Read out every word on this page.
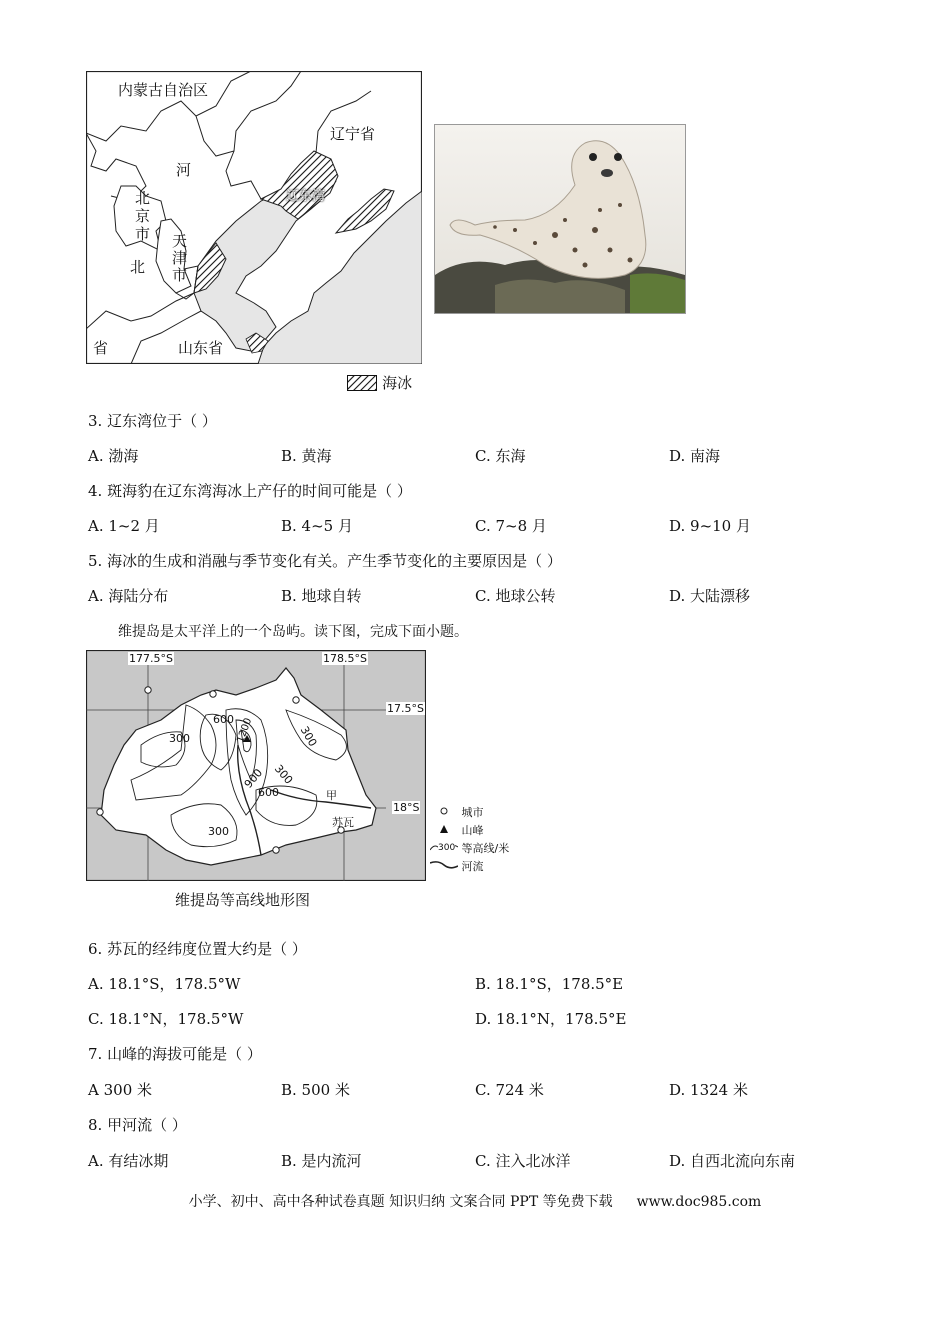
内蒙古自治区
辽宁省
辽东湾
河
北京市 天津市
北
省	山东省
海冰
3. 辽东湾位于（ ）
A. 渤海	B. 黄海	C. 东海	D. 南海
4. 斑海豹在辽东湾海冰上产仔的时间可能是（ ）
A. 1~2 月	B. 4~5 月	C. 7~8 月	D. 9~10 月
5. 海冰的生成和消融与季节变化有关。产生季节变化的主要原因是（ ）
A. 海陆分布	B. 地球自转	C. 地球公转	D. 大陆漂移
维提岛是太平洋上的一个岛屿。读下图，完成下面小题。
177.5°S	178.5°S
17.5°S
18°S
600 1200
300	300
900 300
600
300
甲
苏瓦
城市
山峰

300 等高线/米
河流
维提岛等高线地形图
6. 苏瓦的经纬度位置大约是（ ）
A. 18.1°S，178.5°W	B. 18.1°S，178.5°E
C. 18.1°N，178.5°W	D. 18.1°N，178.5°E
7. 山峰的海拔可能是（ ）
A 300 米	B. 500 米	C. 724 米	D. 1324 米
8. 甲河流（ ）
A. 有结冰期	B. 是内流河	C. 注入北冰洋	D. 自西北流向东南
小学、初中、高中各种试卷真题 知识归纳 文案合同 PPT 等免费下载 www.doc985.com
